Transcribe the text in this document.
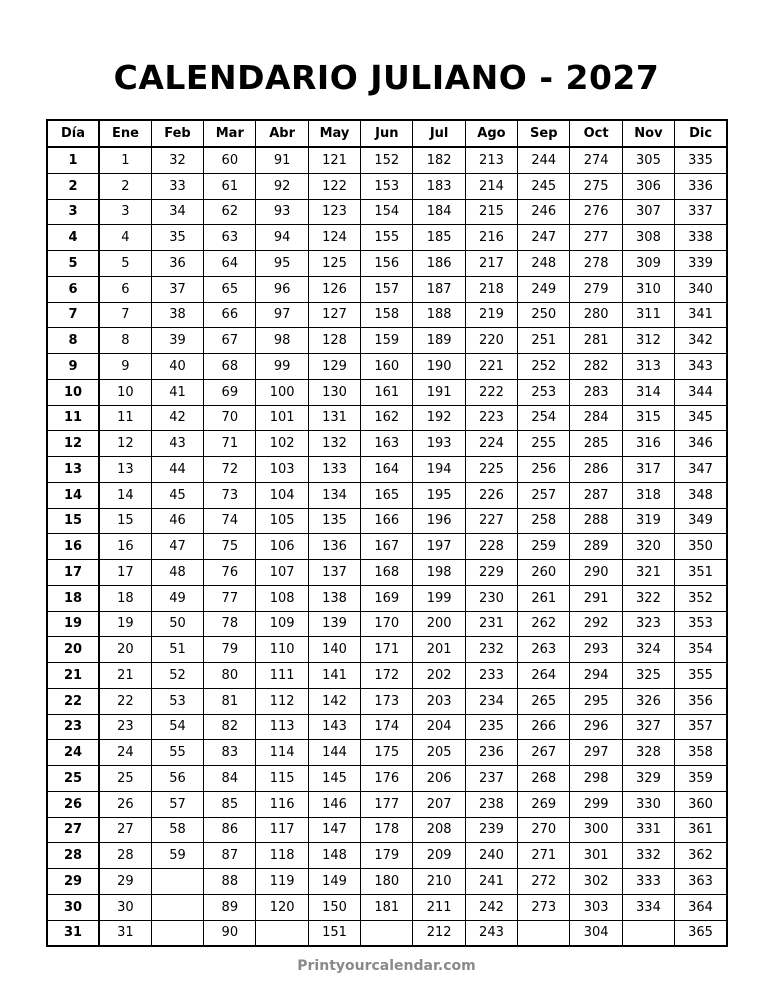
CALENDARIO JULIANO - 2027
Día	Ene	Feb	Mar	Abr	May	Jun	Jul	Ago	Sep	Oct	Nov	Dic
1	1	32	60	91	121	152	182	213	244	274	305	335
2	2	33	61	92	122	153	183	214	245	275	306	336
3	3	34	62	93	123	154	184	215	246	276	307	337
4	4	35	63	94	124	155	185	216	247	277	308	338
5	5	36	64	95	125	156	186	217	248	278	309	339
6	6	37	65	96	126	157	187	218	249	279	310	340
7	7	38	66	97	127	158	188	219	250	280	311	341
8	8	39	67	98	128	159	189	220	251	281	312	342
9	9	40	68	99	129	160	190	221	252	282	313	343
10	10	41	69	100	130	161	191	222	253	283	314	344
11	11	42	70	101	131	162	192	223	254	284	315	345
12	12	43	71	102	132	163	193	224	255	285	316	346
13	13	44	72	103	133	164	194	225	256	286	317	347
14	14	45	73	104	134	165	195	226	257	287	318	348
15	15	46	74	105	135	166	196	227	258	288	319	349
16	16	47	75	106	136	167	197	228	259	289	320	350
17	17	48	76	107	137	168	198	229	260	290	321	351
18	18	49	77	108	138	169	199	230	261	291	322	352
19	19	50	78	109	139	170	200	231	262	292	323	353
20	20	51	79	110	140	171	201	232	263	293	324	354
21	21	52	80	111	141	172	202	233	264	294	325	355
22	22	53	81	112	142	173	203	234	265	295	326	356
23	23	54	82	113	143	174	204	235	266	296	327	357
24	24	55	83	114	144	175	205	236	267	297	328	358
25	25	56	84	115	145	176	206	237	268	298	329	359
26	26	57	85	116	146	177	207	238	269	299	330	360
27	27	58	86	117	147	178	208	239	270	300	331	361
28	28	59	87	118	148	179	209	240	271	301	332	362
29	29		88	119	149	180	210	241	272	302	333	363
30	30		89	120	150	181	211	242	273	303	334	364
31	31		90		151		212	243		304		365
Printyourcalendar.com
